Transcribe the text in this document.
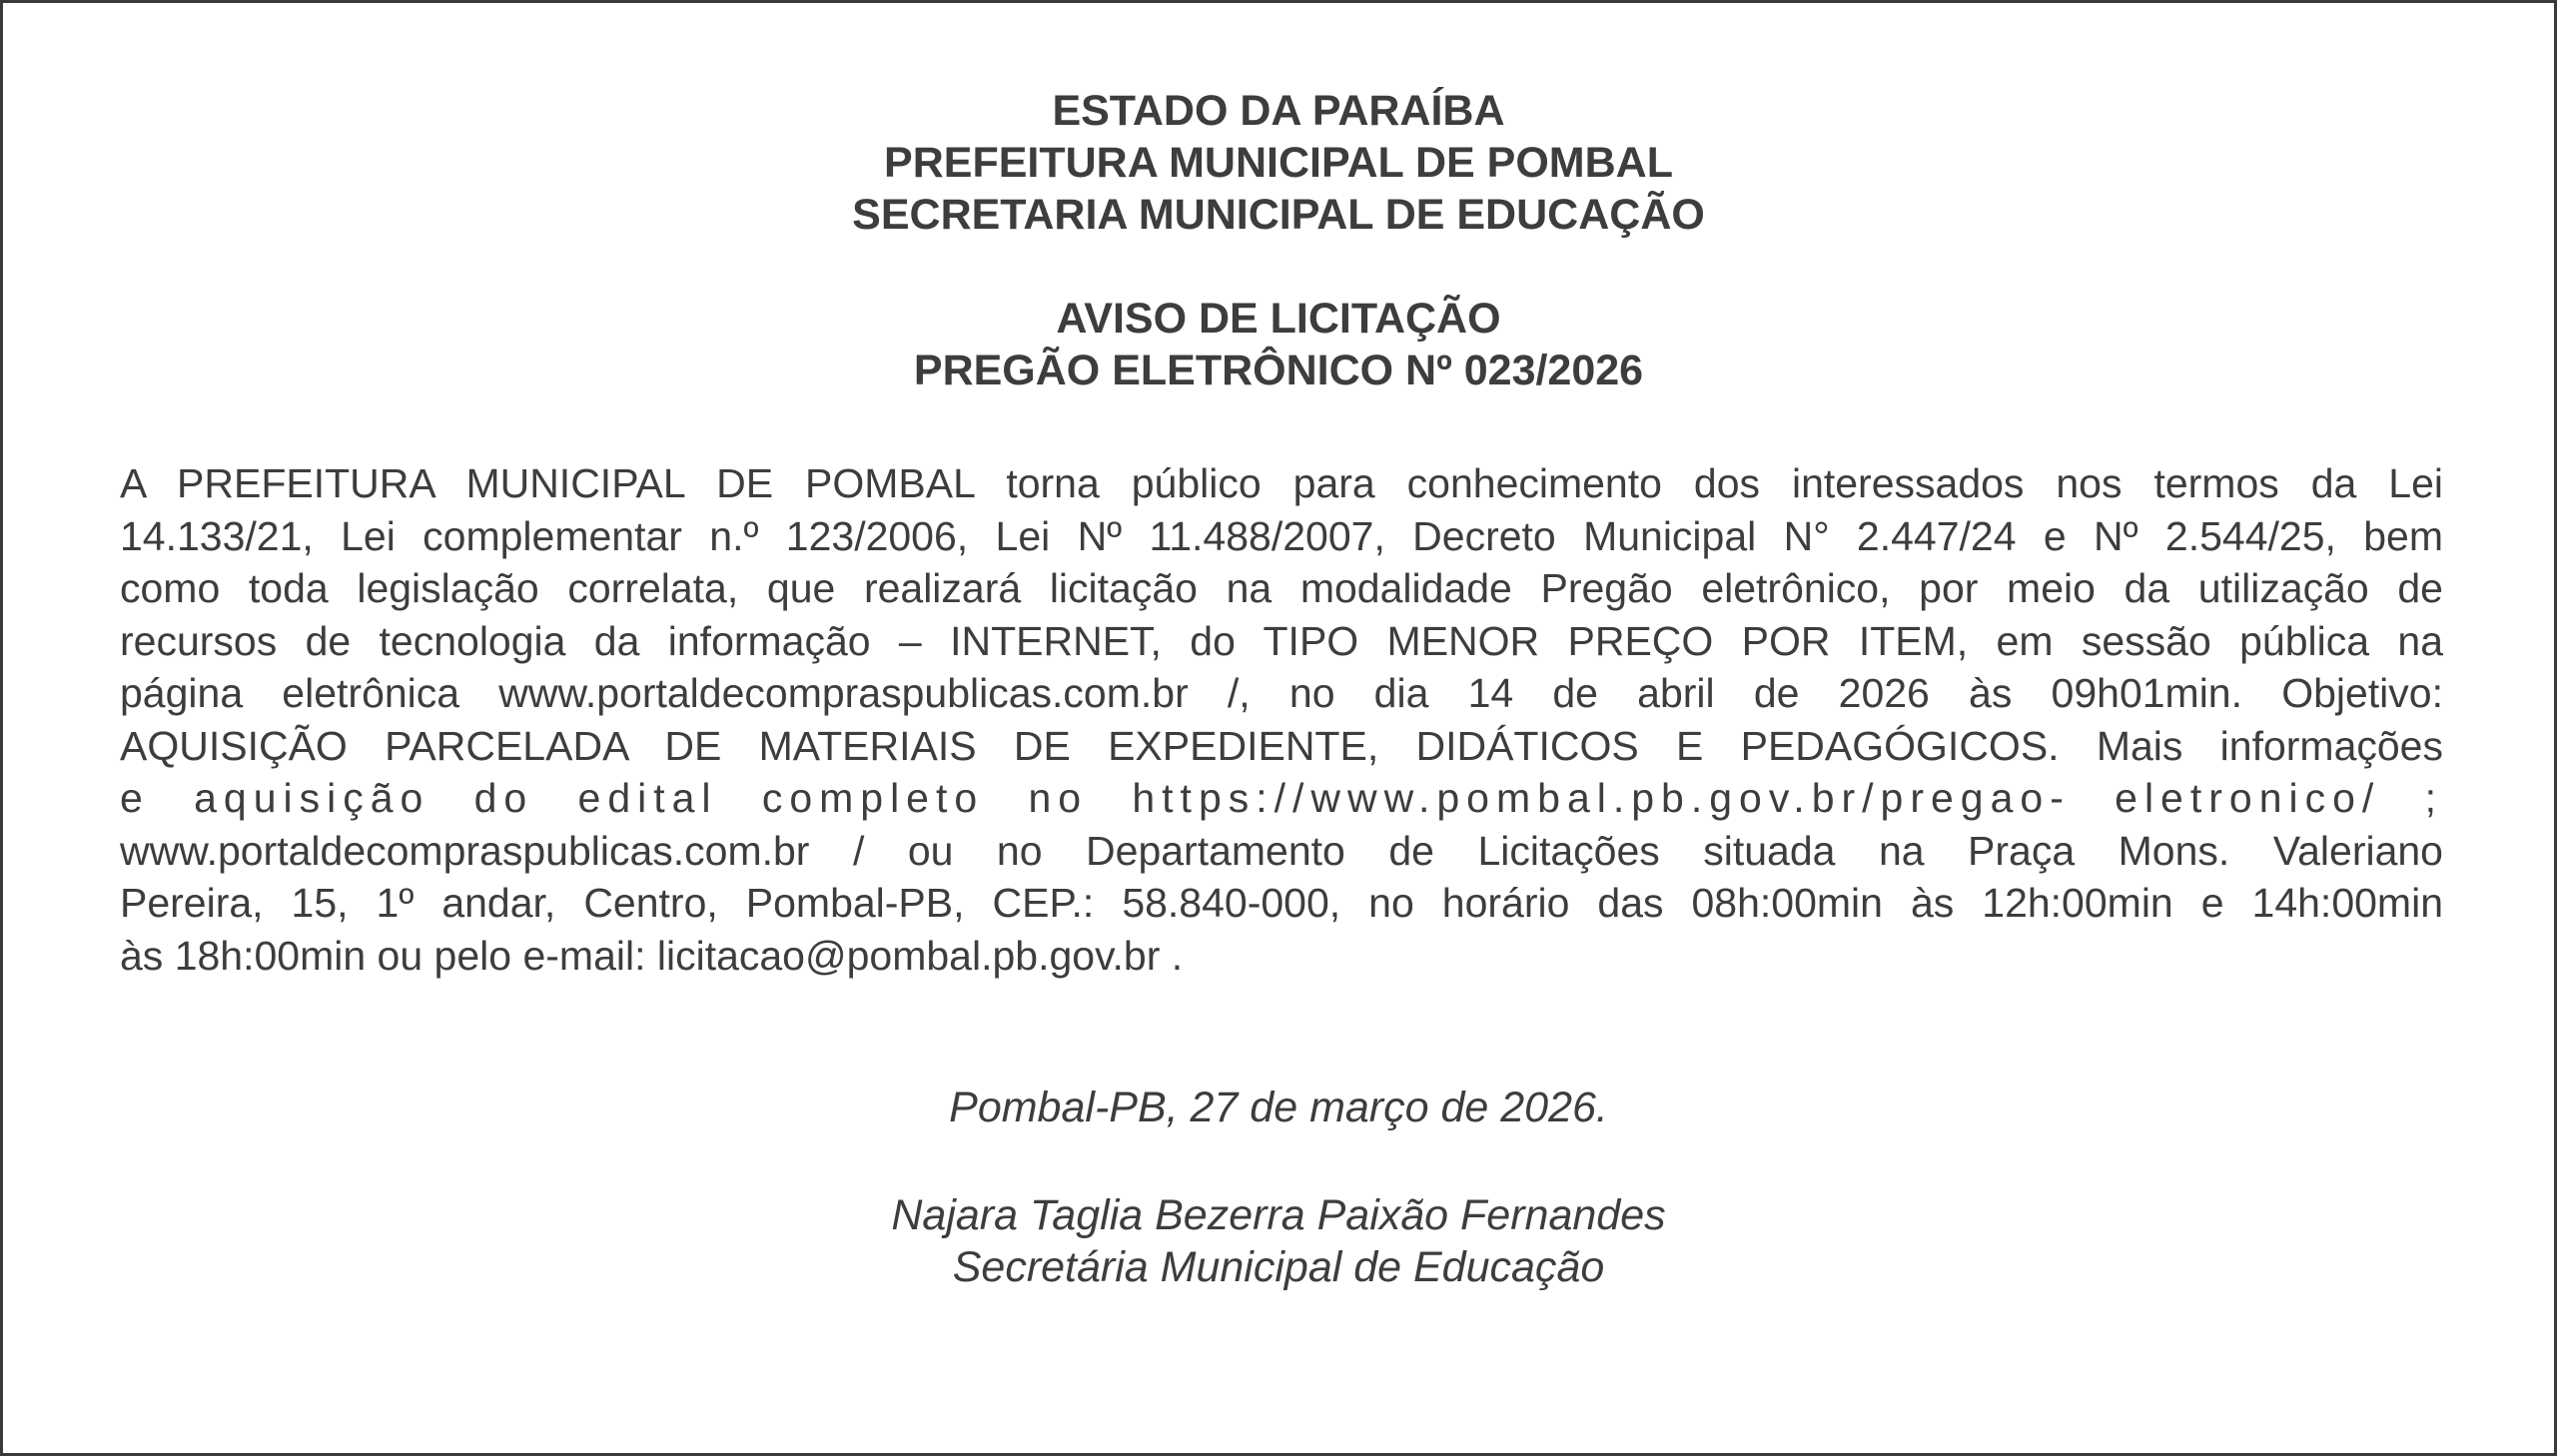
ESTADO DA PARAÍBA
PREFEITURA MUNICIPAL DE POMBAL
SECRETARIA MUNICIPAL DE EDUCAÇÃO
AVISO DE LICITAÇÃO
PREGÃO ELETRÔNICO Nº 023/2026
A PREFEITURA MUNICIPAL DE POMBAL torna público para conhecimento dos interessados nos termos da Lei
14.133/21, Lei complementar n.º 123/2006, Lei Nº 11.488/2007, Decreto Municipal N° 2.447/24 e Nº 2.544/25, bem
como toda legislação correlata, que realizará licitação na modalidade Pregão eletrônico, por meio da utilização de
recursos de tecnologia da informação – INTERNET, do TIPO MENOR PREÇO POR ITEM, em sessão pública na
página eletrônica www.portaldecompraspublicas.com.br /, no dia 14 de abril de 2026 às 09h01min. Objetivo:
AQUISIÇÃO PARCELADA DE MATERIAIS DE EXPEDIENTE, DIDÁTICOS E PEDAGÓGICOS. Mais informações
e aquisição do edital completo no https://www.pombal.pb.gov.br/pregao- eletronico/ ;
www.portaldecompraspublicas.com.br / ou no Departamento de Licitações situada na Praça Mons. Valeriano
Pereira, 15, 1º andar, Centro, Pombal-PB, CEP.: 58.840-000, no horário das 08h:00min às 12h:00min e 14h:00min
às 18h:00min ou pelo e-mail: licitacao@pombal.pb.gov.br .
Pombal-PB, 27 de março de 2026.
Najara Taglia Bezerra Paixão Fernandes
Secretária Municipal de Educação
